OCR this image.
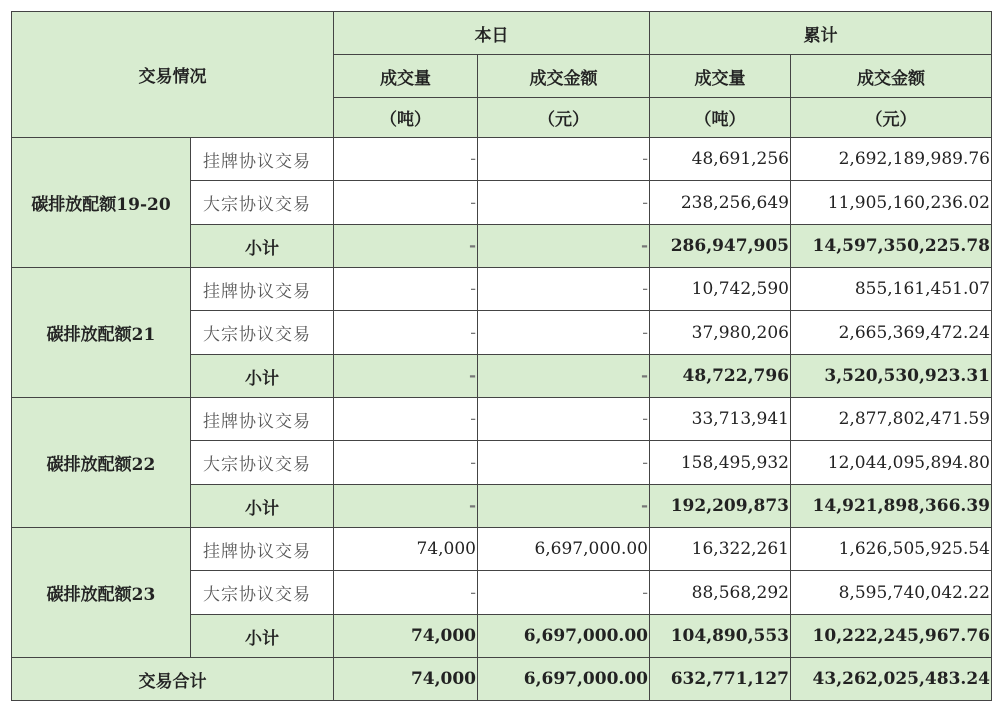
交易情况		本日		累计	
		成交量	成交金额	成交量	成交金额
		（吨）	（元）	（吨）	（元）
碳排放配额19-20	挂牌协议交易	-	-	48,691,256	2,692,189,989.76
	大宗协议交易	-	-	238,256,649	11,905,160,236.02
	小计	-	-	286,947,905	14,597,350,225.78
碳排放配额21	挂牌协议交易	-	-	10,742,590	855,161,451.07
	大宗协议交易	-	-	37,980,206	2,665,369,472.24
	小计	-	-	48,722,796	3,520,530,923.31
碳排放配额22	挂牌协议交易	-	-	33,713,941	2,877,802,471.59
	大宗协议交易	-	-	158,495,932	12,044,095,894.80
	小计	-	-	192,209,873	14,921,898,366.39
碳排放配额23	挂牌协议交易	74,000	6,697,000.00	16,322,261	1,626,505,925.54
	大宗协议交易	-	-	88,568,292	8,595,740,042.22
	小计	74,000	6,697,000.00	104,890,553	10,222,245,967.76
交易合计		74,000	6,697,000.00	632,771,127	43,262,025,483.24
